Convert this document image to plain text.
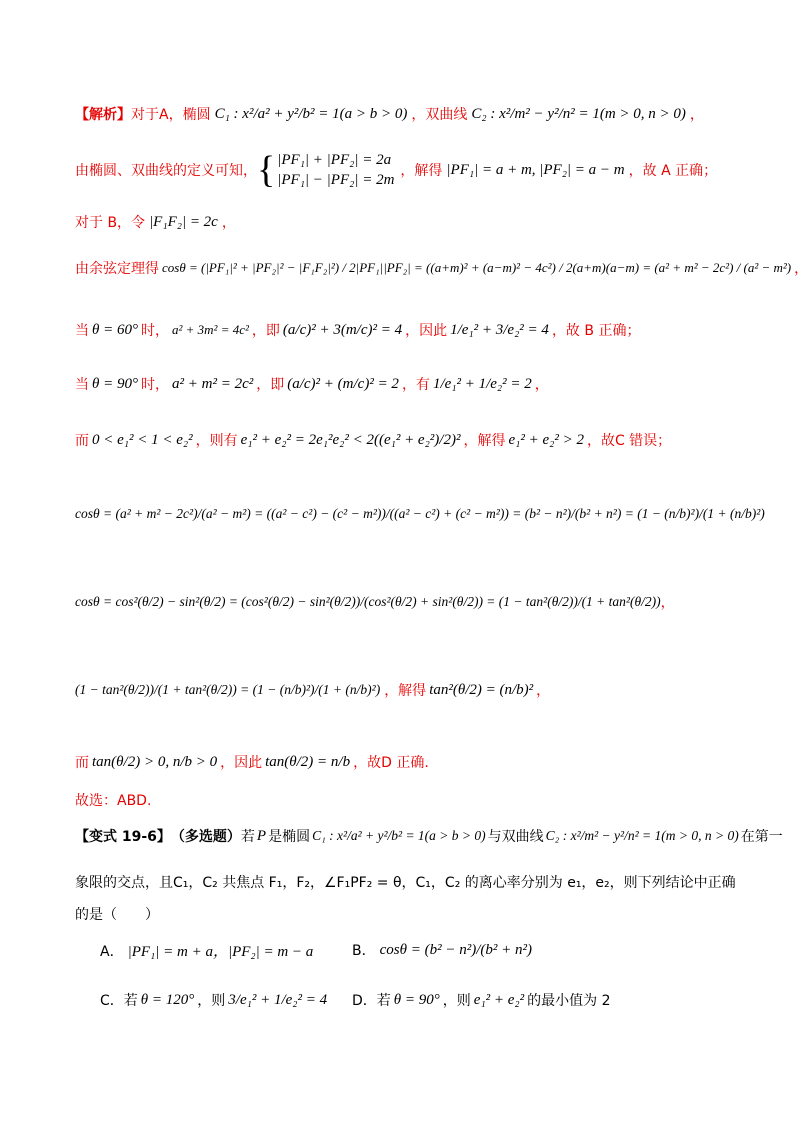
【解析】 对于A，椭圆 C₁ : x²/a² + y²/b² = 1(a > b > 0) ，双曲线 C₂ : x²/m² − y²/n² = 1(m > 0, n > 0) ，
由椭圆、双曲线的定义可知， { |PF₁| + |PF₂| = 2a
|PF₁| − |PF₂| = 2m
，解得 |PF₁| = a + m, |PF₂| = a − m ，故 A 正确；
对于 B，令 |F₁F₂| = 2c ，
由余弦定理得 cosθ = (|PF₁|² + |PF₂|² − |F₁F₂|²) / 2|PF₁||PF₂| = ((a+m)² + (a−m)² − 4c²) / 2(a+m)(a−m) = (a² + m² − 2c²) / (a² − m²) ，
当 θ = 60° 时， a² + 3m² = 4c² ，即 (a/c)² + 3(m/c)² = 4 ，因此 1/e₁² + 3/e₂² = 4 ，故 B 正确；
当 θ = 90° 时， a² + m² = 2c² ，即 (a/c)² + (m/c)² = 2 ，有 1/e₁² + 1/e₂² = 2 ，
而 0 < e₁² < 1 < e₂² ，则有 e₁² + e₂² = 2e₁²e₂² < 2((e₁² + e₂²)/2)² ，解得 e₁² + e₂² > 2 ，故C 错误；
cosθ = (a² + m² − 2c²)/(a² − m²) = ((a² − c²) − (c² − m²))/((a² − c²) + (c² − m²)) = (b² − n²)/(b² + n²) = (1 − (n/b)²)/(1 + (n/b)²)
cosθ = cos²(θ/2) − sin²(θ/2) = (cos²(θ/2) − sin²(θ/2))/(cos²(θ/2) + sin²(θ/2)) = (1 − tan²(θ/2))/(1 + tan²(θ/2)) ，
(1 − tan²(θ/2))/(1 + tan²(θ/2)) = (1 − (n/b)²)/(1 + (n/b)²) ，解得 tan²(θ/2) = (n/b)² ，
而 tan(θ/2) > 0, n/b > 0 ，因此 tan(θ/2) = n/b ，故D 正确.
故选：ABD.
【变式 19-6】 （多选题） 若 P 是椭圆 C₁ : x²/a² + y²/b² = 1(a > b > 0) 与双曲线 C₂ : x²/m² − y²/n² = 1(m > 0, n > 0) 在第一
象限的交点，且C₁，C₂ 共焦点 F₁，F₂，∠F₁PF₂ = θ，C₁，C₂ 的离心率分别为 e₁，e₂，则下列结论中正确
的是（　　）
A． |PF₁| = m + a，|PF₂| = m − a	B． cosθ = (b² − n²)/(b² + n²)
C．若 θ = 120° ，则 3/e₁² + 1/e₂² = 4 D．若 θ = 90° ，则 e₁² + e₂² 的最小值为 2
